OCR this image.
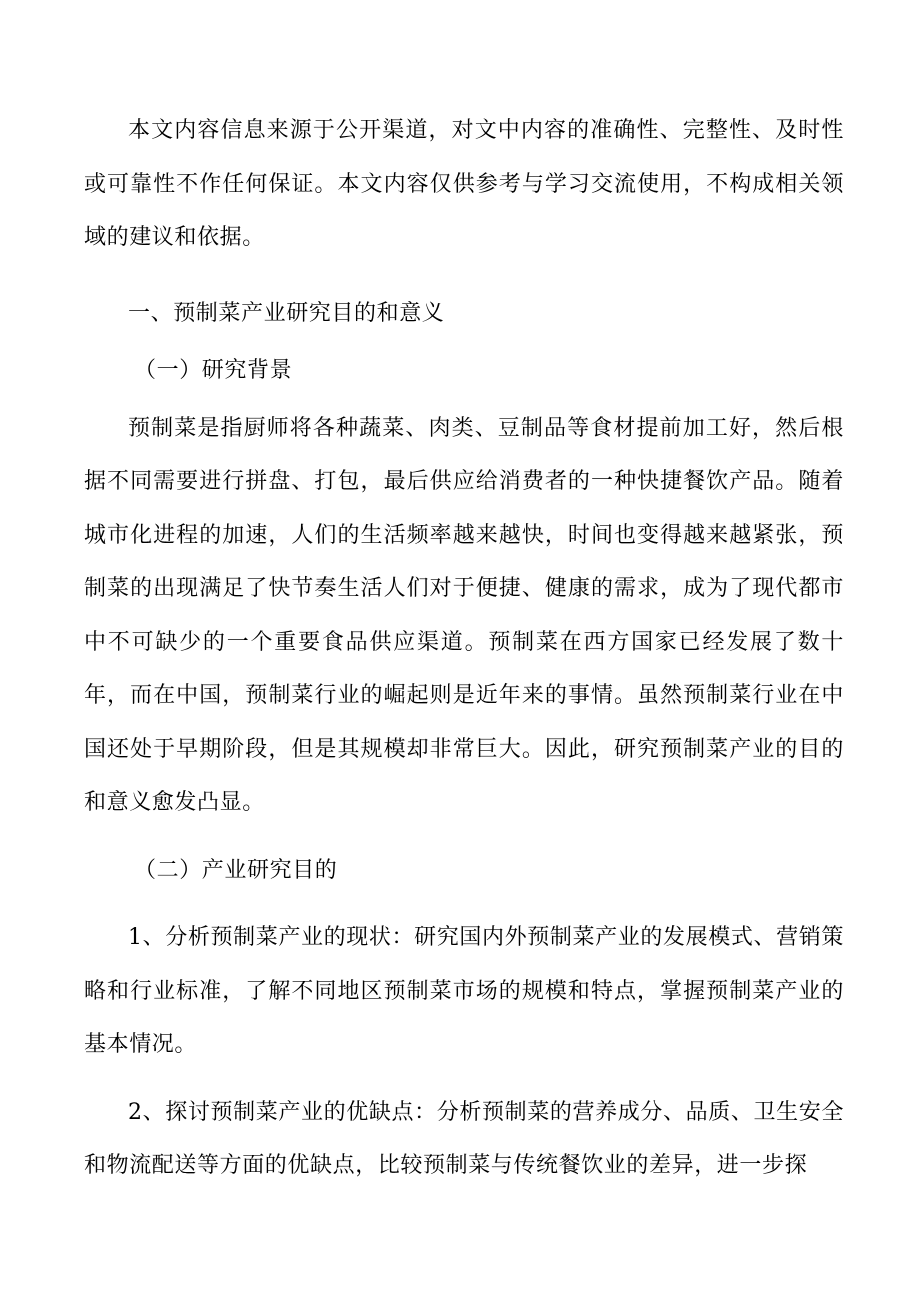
本文内容信息来源于公开渠道，对文中内容的准确性、完整性、及时性或可靠性不作任何保证。本文内容仅供参考与学习交流使用，不构成相关领域的建议和依据。

一、预制菜产业研究目的和意义

（一）研究背景

预制菜是指厨师将各种蔬菜、肉类、豆制品等食材提前加工好，然后根据不同需要进行拼盘、打包，最后供应给消费者的一种快捷餐饮产品。随着城市化进程的加速，人们的生活频率越来越快，时间也变得越来越紧张，预制菜的出现满足了快节奏生活人们对于便捷、健康的需求，成为了现代都市中不可缺少的一个重要食品供应渠道。预制菜在西方国家已经发展了数十年，而在中国，预制菜行业的崛起则是近年来的事情。虽然预制菜行业在中国还处于早期阶段，但是其规模却非常巨大。因此，研究预制菜产业的目的和意义愈发凸显。

（二）产业研究目的

1、分析预制菜产业的现状：研究国内外预制菜产业的发展模式、营销策略和行业标准，了解不同地区预制菜市场的规模和特点，掌握预制菜产业的基本情况。

2、探讨预制菜产业的优缺点：分析预制菜的营养成分、品质、卫生安全和物流配送等方面的优缺点，比较预制菜与传统餐饮业的差异，进一步探
